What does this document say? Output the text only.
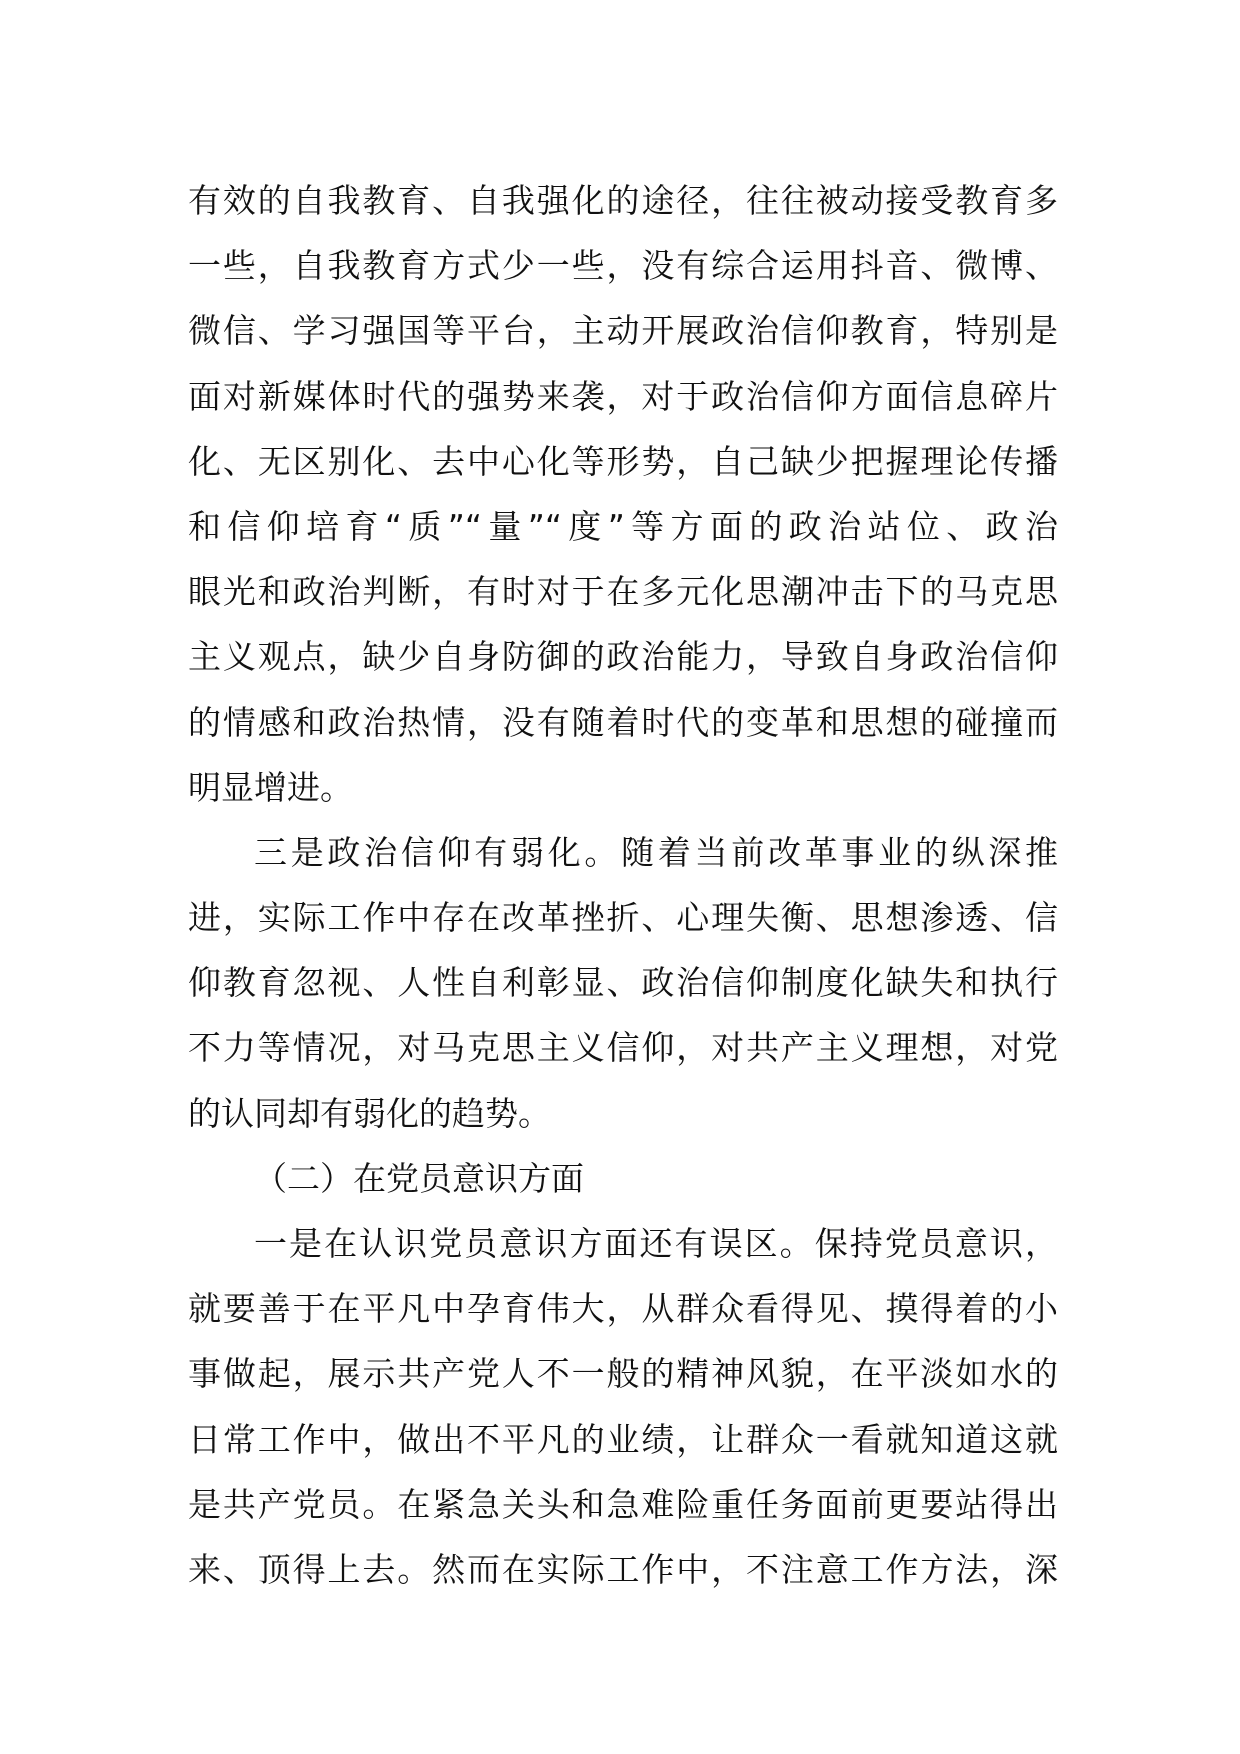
有效的自我教育、自我强化的途径，往往被动接受教育多
一些，自我教育方式少一些，没有综合运用抖音、微博、
微信、学习强国等平台，主动开展政治信仰教育，特别是
面对新媒体时代的强势来袭，对于政治信仰方面信息碎片
化、无区别化、去中心化等形势，自己缺少把握理论传播
和信仰培育“质”“量”“度”等方面的政治站位、政治
眼光和政治判断，有时对于在多元化思潮冲击下的马克思
主义观点，缺少自身防御的政治能力，导致自身政治信仰
的情感和政治热情，没有随着时代的变革和思想的碰撞而
明显增进。
三是政治信仰有弱化。随着当前改革事业的纵深推
进，实际工作中存在改革挫折、心理失衡、思想渗透、信
仰教育忽视、人性自利彰显、政治信仰制度化缺失和执行
不力等情况，对马克思主义信仰，对共产主义理想，对党
的认同却有弱化的趋势。
（二）在党员意识方面
一是在认识党员意识方面还有误区。保持党员意识，
就要善于在平凡中孕育伟大，从群众看得见、摸得着的小
事做起，展示共产党人不一般的精神风貌，在平淡如水的
日常工作中，做出不平凡的业绩，让群众一看就知道这就
是共产党员。在紧急关头和急难险重任务面前更要站得出
来、顶得上去。然而在实际工作中，不注意工作方法，深
